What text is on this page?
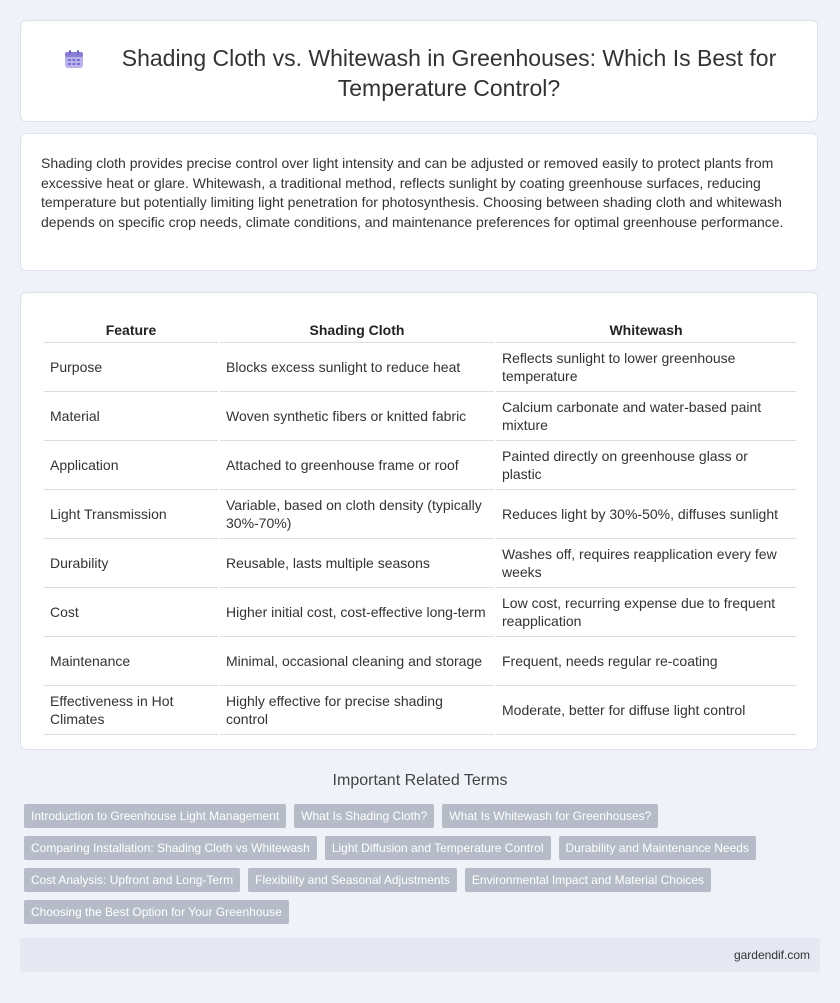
Shading Cloth vs. Whitewash in Greenhouses: Which Is Best for Temperature Control?

Shading cloth provides precise control over light intensity and can be adjusted or removed easily to protect plants from excessive heat or glare. Whitewash, a traditional method, reflects sunlight by coating greenhouse surfaces, reducing temperature but potentially limiting light penetration for photosynthesis. Choosing between shading cloth and whitewash depends on specific crop needs, climate conditions, and maintenance preferences for optimal greenhouse performance.

Feature	Shading Cloth	Whitewash
Purpose	Blocks excess sunlight to reduce heat	Reflects sunlight to lower greenhouse temperature
Material	Woven synthetic fibers or knitted fabric	Calcium carbonate and water-based paint mixture
Application	Attached to greenhouse frame or roof	Painted directly on greenhouse glass or plastic
Light Transmission	Variable, based on cloth density (typically 30%-70%)	Reduces light by 30%-50%, diffuses sunlight
Durability	Reusable, lasts multiple seasons	Washes off, requires reapplication every few weeks
Cost	Higher initial cost, cost-effective long-term	Low cost, recurring expense due to frequent reapplication
Maintenance	Minimal, occasional cleaning and storage	Frequent, needs regular re-coating
Effectiveness in Hot Climates	Highly effective for precise shading control	Moderate, better for diffuse light control
Important Related Terms
Introduction to Greenhouse Light Management	What Is Shading Cloth?	What Is Whitewash for Greenhouses?
Comparing Installation: Shading Cloth vs Whitewash	Light Diffusion and Temperature Control	Durability and Maintenance Needs
Cost Analysis: Upfront and Long-Term	Flexibility and Seasonal Adjustments	Environmental Impact and Material Choices
Choosing the Best Option for Your Greenhouse
gardendif.com
